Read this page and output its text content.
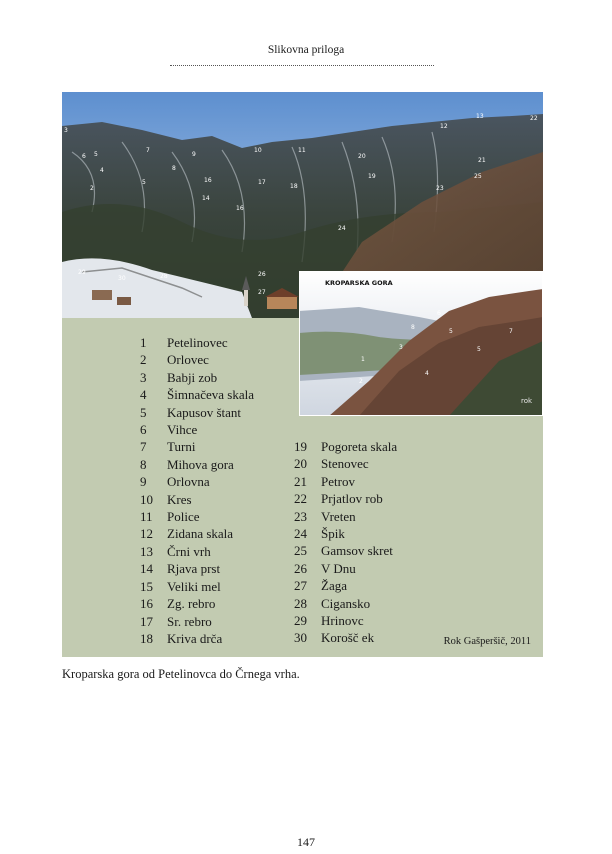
Slikovna priloga
3
6 5
4
2
7
9
5
8
16
14
16
10	11
17
18
20
19
12
13	22
21
25
23
24
29
30	28	26
27
KROPARSKA GORA
1
2
3
4
5
6
7
8
5
rok
1 Petelinovec
2 Orlovec
3 Babji zob
4 Šimnačeva skala
5 Kapusov štant
6 Vihce
7 Turni
8 Mihova gora
9 Orlovna
10 Kres
11 Police
12 Zidana skala
13 Črni vrh
14 Rjava prst
15 Veliki mel
16 Zg. rebro
17 Sr. rebro
18 Kriva drča
19 Pogoreta skala
20 Stenovec
21 Petrov
22 Prjatlov rob
23 Vreten
24 Špik
25 Gamsov skret
26 V Dnu
27 Žaga
28 Cigansko
29 Hrinovc
30 Korošč ek	Rok Gašperšič, 2011
Kroparska gora od Petelinovca do Črnega vrha.
147
